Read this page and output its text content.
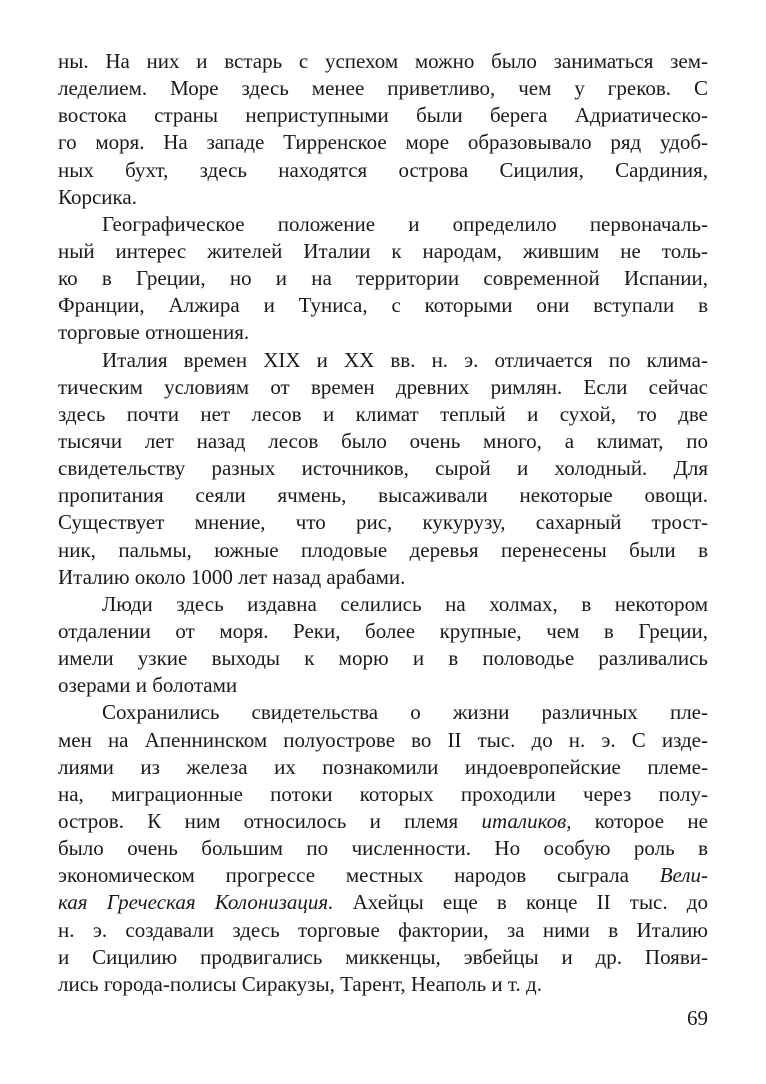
ны. На них и встарь с успехом можно было заниматься зем-
леделием. Море здесь менее приветливо, чем у греков. С
востока страны неприступными были берега Адриатическо-
го моря. На западе Тирренское море образовывало ряд удоб-
ных бухт, здесь находятся острова Сицилия, Сардиния,
Корсика.
Географическое положение и определило первоначаль-
ный интерес жителей Италии к народам, жившим не толь-
ко в Греции, но и на территории современной Испании,
Франции, Алжира и Туниса, с которыми они вступали в
торговые отношения.
Италия времен XIX и XX вв. н. э. отличается по клима-
тическим условиям от времен древних римлян. Если сейчас
здесь почти нет лесов и климат теплый и сухой, то две
тысячи лет назад лесов было очень много, а климат, по
свидетельству разных источников, сырой и холодный. Для
пропитания сеяли ячмень, высаживали некоторые овощи.
Существует мнение, что рис, кукурузу, сахарный трост-
ник, пальмы, южные плодовые деревья перенесены были в
Италию около 1000 лет назад арабами.
Люди здесь издавна селились на холмах, в некотором
отдалении от моря. Реки, более крупные, чем в Греции,
имели узкие выходы к морю и в половодье разливались
озерами и болотами
Сохранились свидетельства о жизни различных пле-
мен на Апеннинском полуострове во II тыс. до н. э. С изде-
лиями из железа их познакомили индоевропейские племе-
на, миграционные потоки которых проходили через полу-
остров. К ним относилось и племя италиков, которое не
было очень большим по численности. Но особую роль в
экономическом прогрессе местных народов сыграла Вели-
кая Греческая Колонизация. Ахейцы еще в конце II тыс. до
н. э. создавали здесь торговые фактории, за ними в Италию
и Сицилию продвигались миккенцы, эвбейцы и др. Появи-
лись города-полисы Сиракузы, Тарент, Неаполь и т. д.
69
